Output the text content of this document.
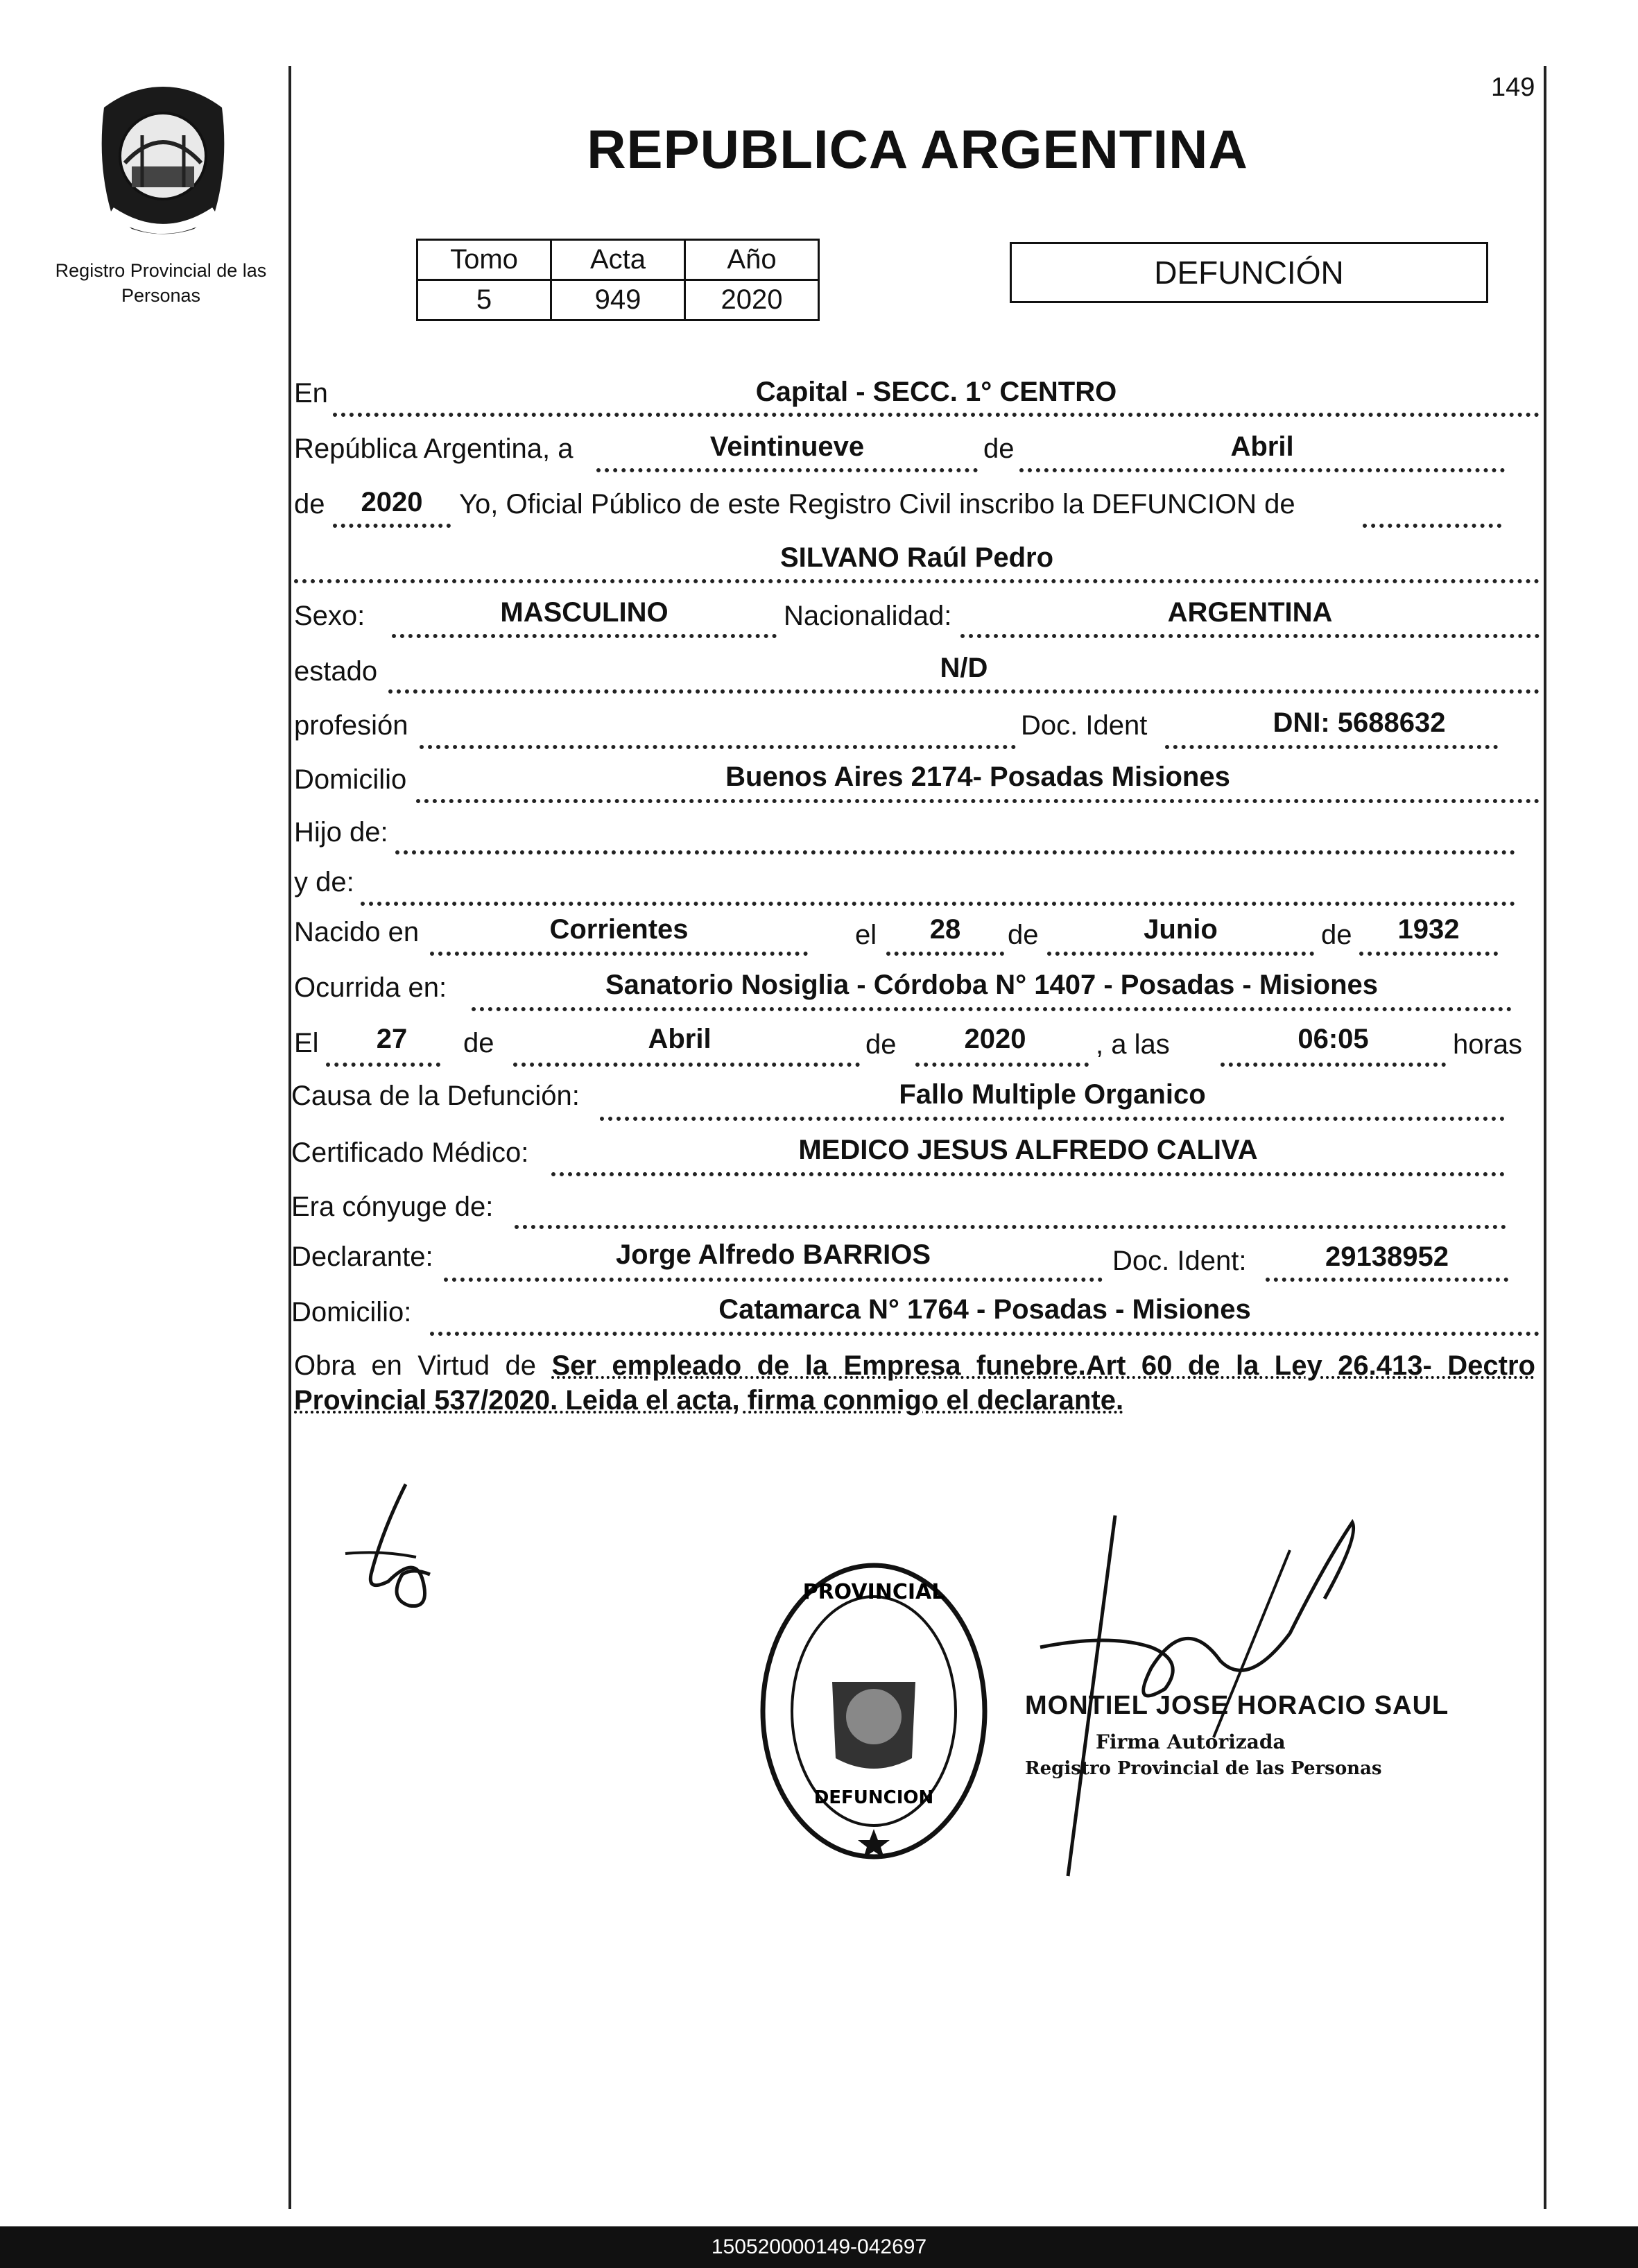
149
Registro Provincial de las Personas
REPUBLICA ARGENTINA
Tomo	Acta	Año
5	949	2020
DEFUNCIÓN
En	Capital - SECC. 1° CENTRO
República Argentina, a	Veintinueve	de	Abril
de	2020	Yo, Oficial Público de este Registro Civil inscribo la DEFUNCION de
SILVANO Raúl Pedro
Sexo:	MASCULINO	Nacionalidad:	ARGENTINA
estado	N/D
profesión	Doc. Ident	DNI: 5688632
Domicilio	Buenos Aires 2174- Posadas Misiones
Hijo de:
y de:
Nacido en	Corrientes	el	28	de	Junio	de	1932
Ocurrida en:	Sanatorio Nosiglia - Córdoba N° 1407 - Posadas - Misiones
El	27	de	Abril	de	2020	, a las	06:05	horas
Causa de la Defunción:	Fallo Multiple Organico
Certificado Médico:	MEDICO JESUS ALFREDO CALIVA
Era cónyuge de:
Declarante:	Jorge Alfredo BARRIOS	Doc. Ident:	29138952
Domicilio:	Catamarca N° 1764 - Posadas - Misiones
Obra en Virtud de Ser empleado de la Empresa funebre.Art 60 de la Ley 26.413- Dectro Provincial 537/2020. Leida el acta, firma conmigo el declarante.
PROVINCIAL
DEFUNCION
MONTIEL JOSE HORACIO SAUL
Firma Autorizada
Registro Provincial de las Personas
150520000149-042697
